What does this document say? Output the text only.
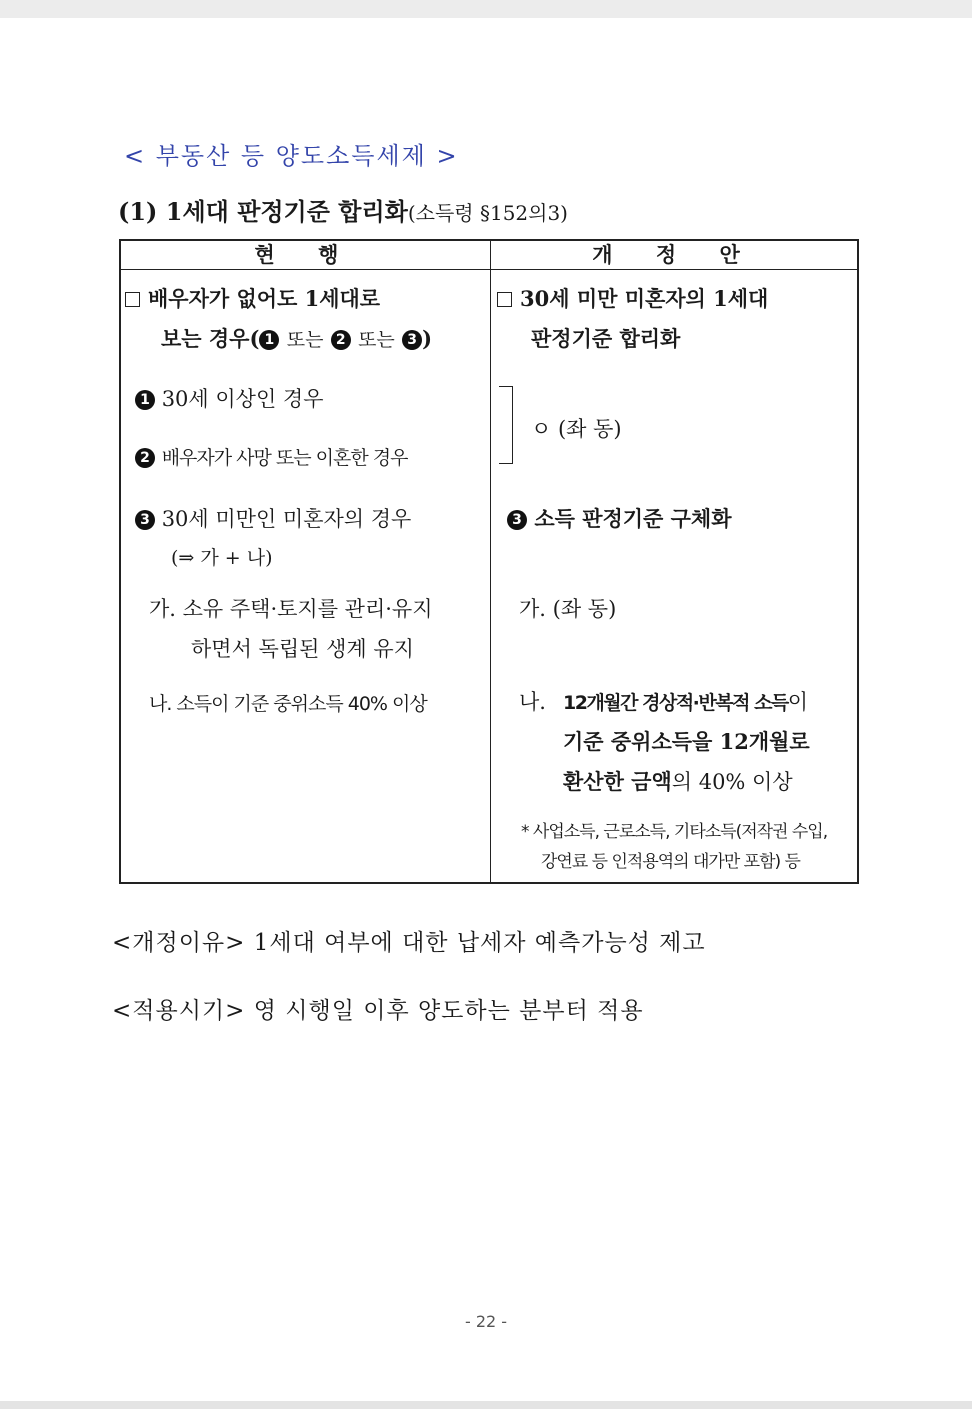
< 부동산 등 양도소득세제 >
(1) 1세대 판정기준 합리화(소득령 §152의3)
현 행	개 정 안
배우자가 없어도 1세대로
보는 경우( 1 또는 2 또는 3 )
1 30세 이상인 경우
2 배우자가 사망 또는 이혼한 경우
3 30세 미만인 미혼자의 경우
(⇒ 가 + 나)
가. 소유 주택·토지를 관리·유지
하면서 독립된 생계 유지
나. 소득이 기준 중위소득 40% 이상
30세 미만 미혼자의 1세대
판정기준 합리화
ㅇ (좌 동)
3 소득 판정기준 구체화
가. (좌 동)
나. 12개월간 경상적·반복적 소득이
기준 중위소득을 12개월로
환산한 금액의 40% 이상
* 사업소득, 근로소득, 기타소득(저작권 수입,
강연료 등 인적용역의 대가만 포함) 등
<개정이유> 1세대 여부에 대한 납세자 예측가능성 제고
<적용시기> 영 시행일 이후 양도하는 분부터 적용
- 22 -
